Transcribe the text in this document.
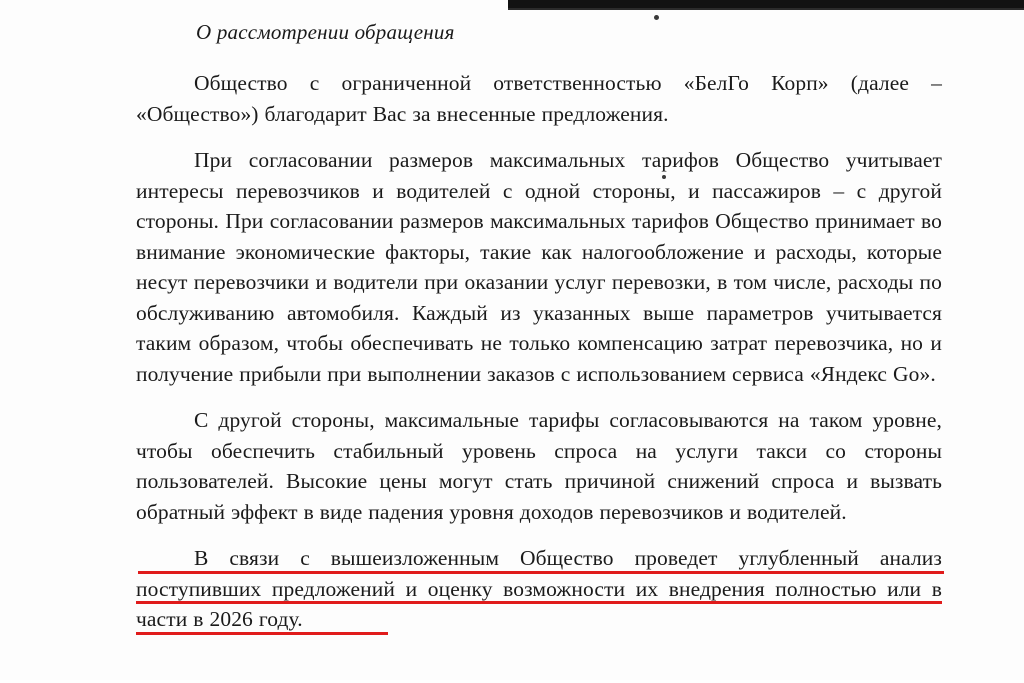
О рассмотрении обращения

Общество с ограниченной ответственностью «БелГо Корп» (далее – «Общество») благодарит Вас за внесенные предложения.

При согласовании размеров максимальных тарифов Общество учитывает интересы перевозчиков и водителей с одной стороны, и пассажиров – с другой стороны. При согласовании размеров максимальных тарифов Общество принимает во внимание экономические факторы, такие как налогообложение и расходы, которые несут перевозчики и водители при оказании услуг перевозки, в том числе, расходы по обслуживанию автомобиля. Каждый из указанных выше параметров учитывается таким образом, чтобы обеспечивать не только компенсацию затрат перевозчика, но и получение прибыли при выполнении заказов с использованием сервиса «Яндекс Go».

С другой стороны, максимальные тарифы согласовываются на таком уровне, чтобы обеспечить стабильный уровень спроса на услуги такси со стороны пользователей. Высокие цены могут стать причиной снижений спроса и вызвать обратный эффект в виде падения уровня доходов перевозчиков и водителей.

В связи с вышеизложенным Общество проведет углубленный анализ поступивших предложений и оценку возможности их внедрения полностью или в части в 2026 году.
